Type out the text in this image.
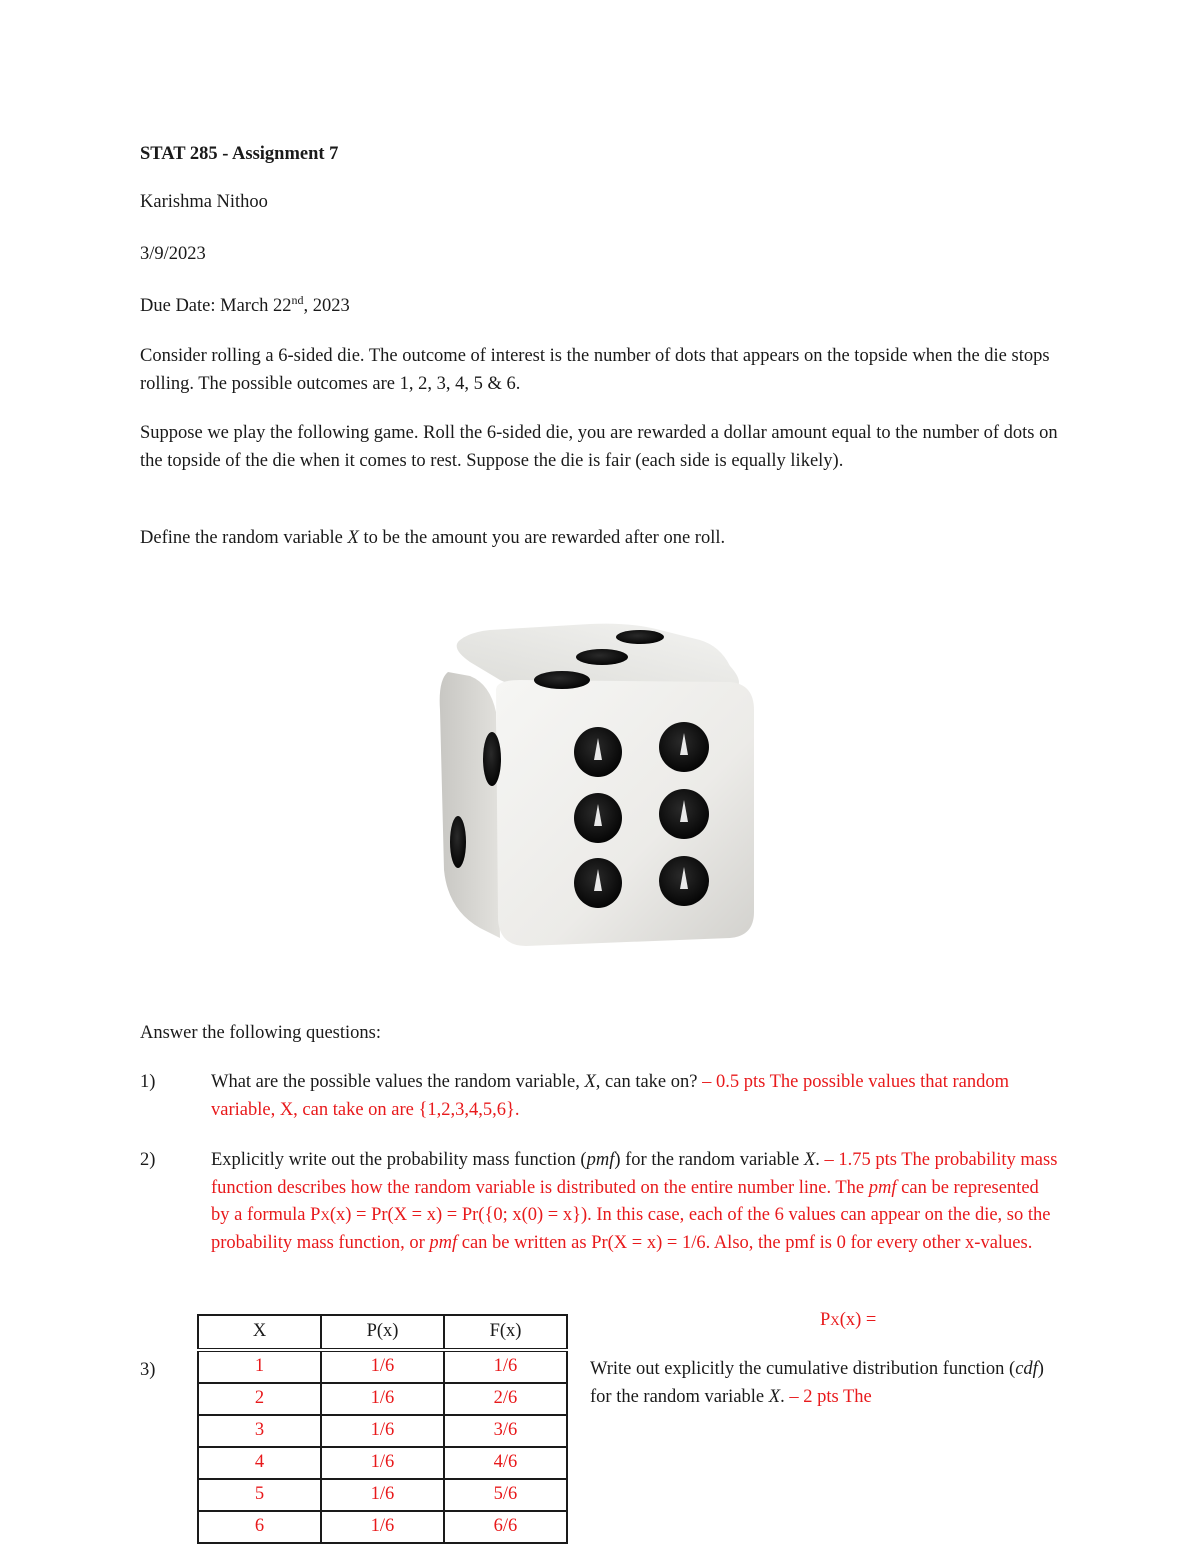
STAT 285 - Assignment 7
Karishma Nithoo
3/9/2023
Due Date: March 22nd, 2023
Consider rolling a 6-sided die. The outcome of interest is the number of dots that appears on the topside when the die stops rolling. The possible outcomes are 1, 2, 3, 4, 5 & 6.
Suppose we play the following game. Roll the 6-sided die, you are rewarded a dollar amount equal to the number of dots on the topside of the die when it comes to rest. Suppose the die is fair (each side is equally likely).
Define the random variable X to be the amount you are rewarded after one roll.
Answer the following questions:
1)	What are the possible values the random variable, X, can take on? – 0.5 pts The possible values that random variable, X, can take on are {1,2,3,4,5,6}.
2)	Explicitly write out the probability mass function (pmf) for the random variable X. – 1.75 pts The probability mass function describes how the random variable is distributed on the entire number line. The pmf can be represented by a formula PX(x) = Pr(X = x) = Pr({0; x(0) = x}). In this case, each of the 6 values can appear on the die, so the probability mass function, or pmf can be written as Pr(X = x) = 1/6. Also, the pmf is 0 for every other x-values.
3)
X	P(x)	F(x)
1	1/6	1/6
2	1/6	2/6
3	1/6	3/6
4	1/6	4/6
5	1/6	5/6
6	1/6	6/6
PX(x) =
Write out explicitly the cumulative distribution function (cdf) for the random variable X. – 2 pts The
